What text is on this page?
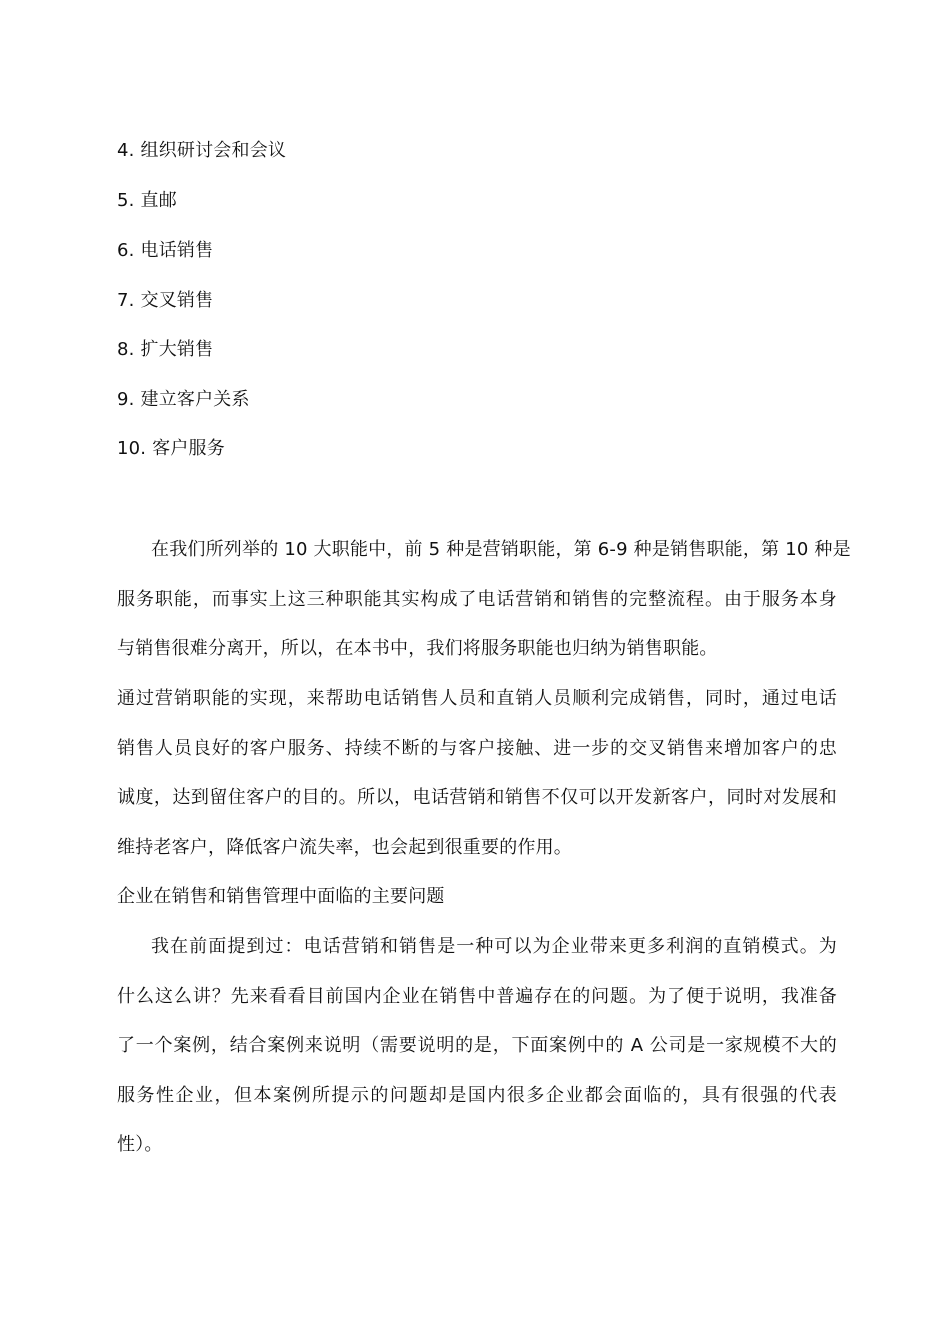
4. 组织研讨会和会议
5. 直邮
6. 电话销售
7. 交叉销售
8. 扩大销售
9. 建立客户关系
10. 客户服务
在我们所列举的 10 大职能中，前 5 种是营销职能，第 6-9 种是销售职能，第 10 种是
服务职能，而事实上这三种职能其实构成了电话营销和销售的完整流程。由于服务本身
与销售很难分离开，所以，在本书中，我们将服务职能也归纳为销售职能。
通过营销职能的实现，来帮助电话销售人员和直销人员顺利完成销售，同时，通过电话
销售人员良好的客户服务、持续不断的与客户接触、进一步的交叉销售来增加客户的忠
诚度，达到留住客户的目的。所以，电话营销和销售不仅可以开发新客户，同时对发展和
维持老客户，降低客户流失率，也会起到很重要的作用。
企业在销售和销售管理中面临的主要问题
我在前面提到过：电话营销和销售是一种可以为企业带来更多利润的直销模式。为
什么这么讲？先来看看目前国内企业在销售中普遍存在的问题。为了便于说明，我准备
了一个案例，结合案例来说明（需要说明的是，下面案例中的 A 公司是一家规模不大的
服务性企业，但本案例所提示的问题却是国内很多企业都会面临的，具有很强的代表
性）。
